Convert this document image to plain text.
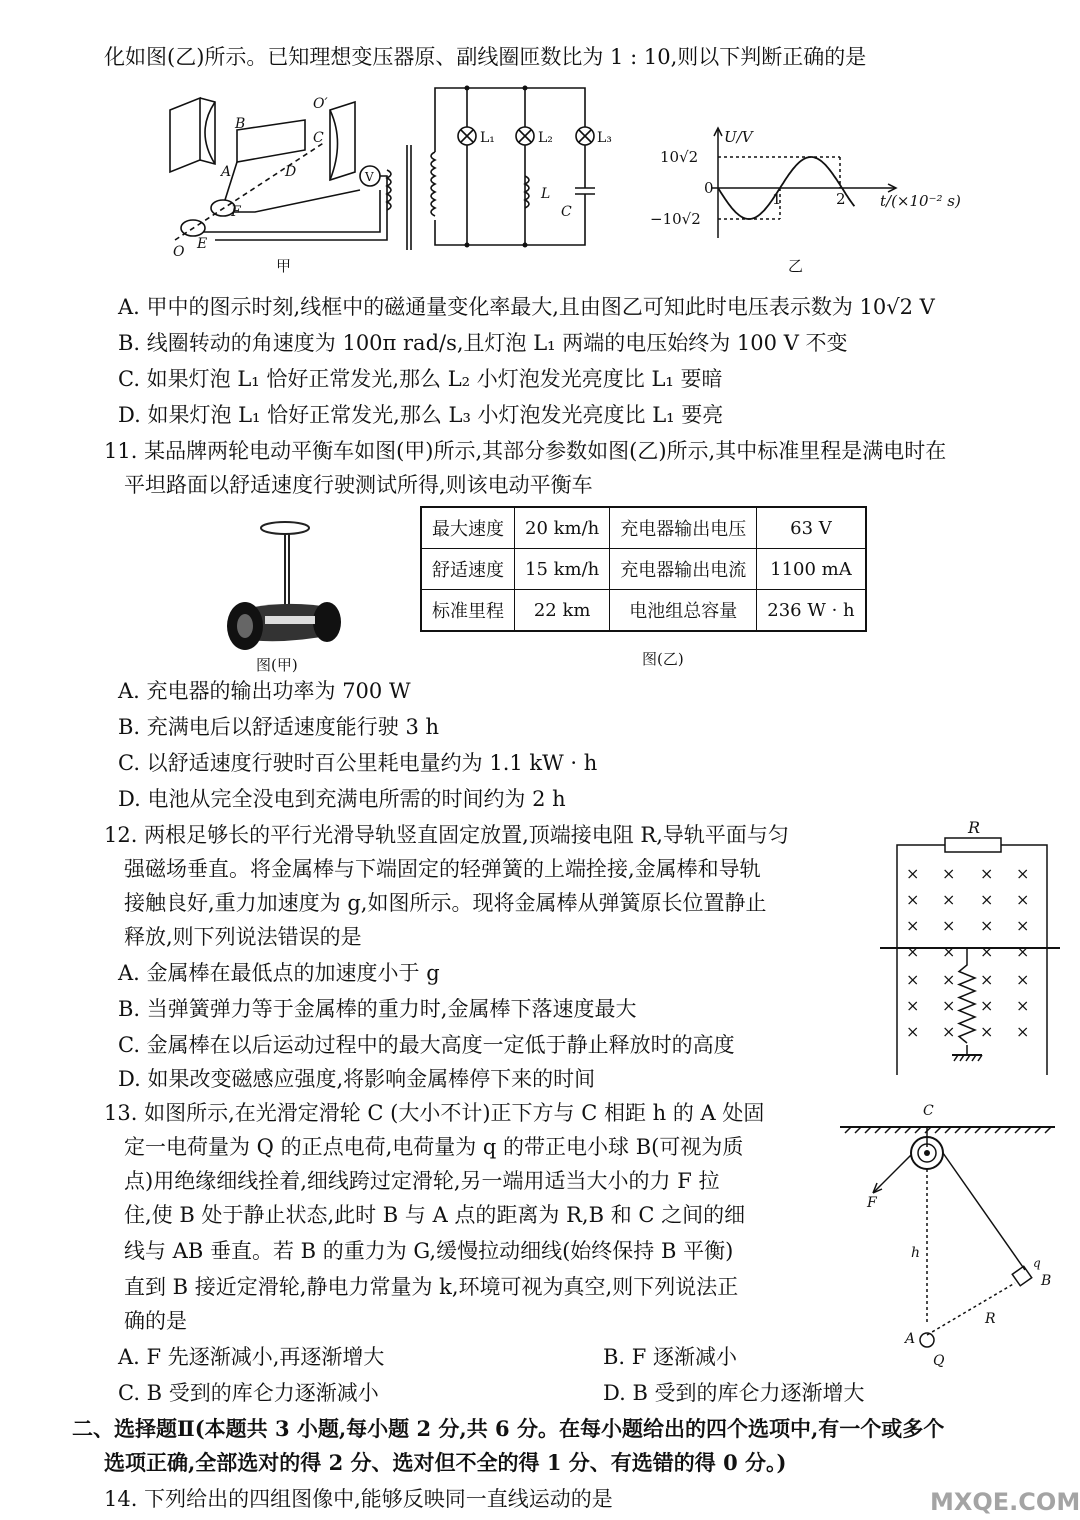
化如图(乙)所示。已知理想变压器原、副线圈匝数比为 1 : 10,则以下判断正确的是
O′
B
C
A	D
F
O E
V
L₁	L₂	L₃
L
C
甲
U/V
10√2
0
−10√2
1	2 t/(×10⁻² s)
乙
A. 甲中的图示时刻,线框中的磁通量变化率最大,且由图乙可知此时电压表示数为 10√2 V
B. 线圈转动的角速度为 100π rad/s,且灯泡 L₁ 两端的电压始终为 100 V 不变
C. 如果灯泡 L₁ 恰好正常发光,那么 L₂ 小灯泡发光亮度比 L₁ 要暗
D. 如果灯泡 L₁ 恰好正常发光,那么 L₃ 小灯泡发光亮度比 L₁ 要亮
11. 某品牌两轮电动平衡车如图(甲)所示,其部分参数如图(乙)所示,其中标准里程是满电时在
平坦路面以舒适速度行驶测试所得,则该电动平衡车
图(甲)
最大速度	20 km/h	充电器输出电压	63 V
舒适速度	15 km/h	充电器输出电流	1100 mA
标准里程	22 km	电池组总容量	236 W · h
图(乙)
A. 充电器的输出功率为 700 W
B. 充满电后以舒适速度能行驶 3 h
C. 以舒适速度行驶时百公里耗电量约为 1.1 kW · h
D. 电池从完全没电到充满电所需的时间约为 2 h
12. 两根足够长的平行光滑导轨竖直固定放置,顶端接电阻 R,导轨平面与匀
强磁场垂直。将金属棒与下端固定的轻弹簧的上端拴接,金属棒和导轨
接触良好,重力加速度为 g,如图所示。现将金属棒从弹簧原长位置静止
释放,则下列说法错误的是
A. 金属棒在最低点的加速度小于 g
B. 当弹簧弹力等于金属棒的重力时,金属棒下落速度最大
C. 金属棒在以后运动过程中的最大高度一定低于静止释放时的高度
D. 如果改变磁感应强度,将影响金属棒停下来的时间
× × × ×
× × × ×
× × × ×
× × × ×
× × × ×
× × × ×
× × × ×
R
13. 如图所示,在光滑定滑轮 C (大小不计)正下方与 C 相距 h 的 A 处固
定一电荷量为 Q 的正点电荷,电荷量为 q 的带正电小球 B(可视为质
点)用绝缘细线拴着,细线跨过定滑轮,另一端用适当大小的力 F 拉
住,使 B 处于静止状态,此时 B 与 A 点的距离为 R,B 和 C 之间的细
线与 AB 垂直。若 B 的重力为 G,缓慢拉动细线(始终保持 B 平衡)
直到 B 接近定滑轮,静电力常量为 k,环境可视为真空,则下列说法正
确的是
A. F 先逐渐减小,再逐渐增大	B. F 逐渐减小
C. B 受到的库仑力逐渐减小	D. B 受到的库仑力逐渐增大
C
F
h
q
B
R
A
Q
二、选择题Ⅱ(本题共 3 小题,每小题 2 分,共 6 分。在每小题给出的四个选项中,有一个或多个
选项正确,全部选对的得 2 分、选对但不全的得 1 分、有选错的得 0 分。)
14. 下列给出的四组图像中,能够反映同一直线运动的是	MXQE.COM
